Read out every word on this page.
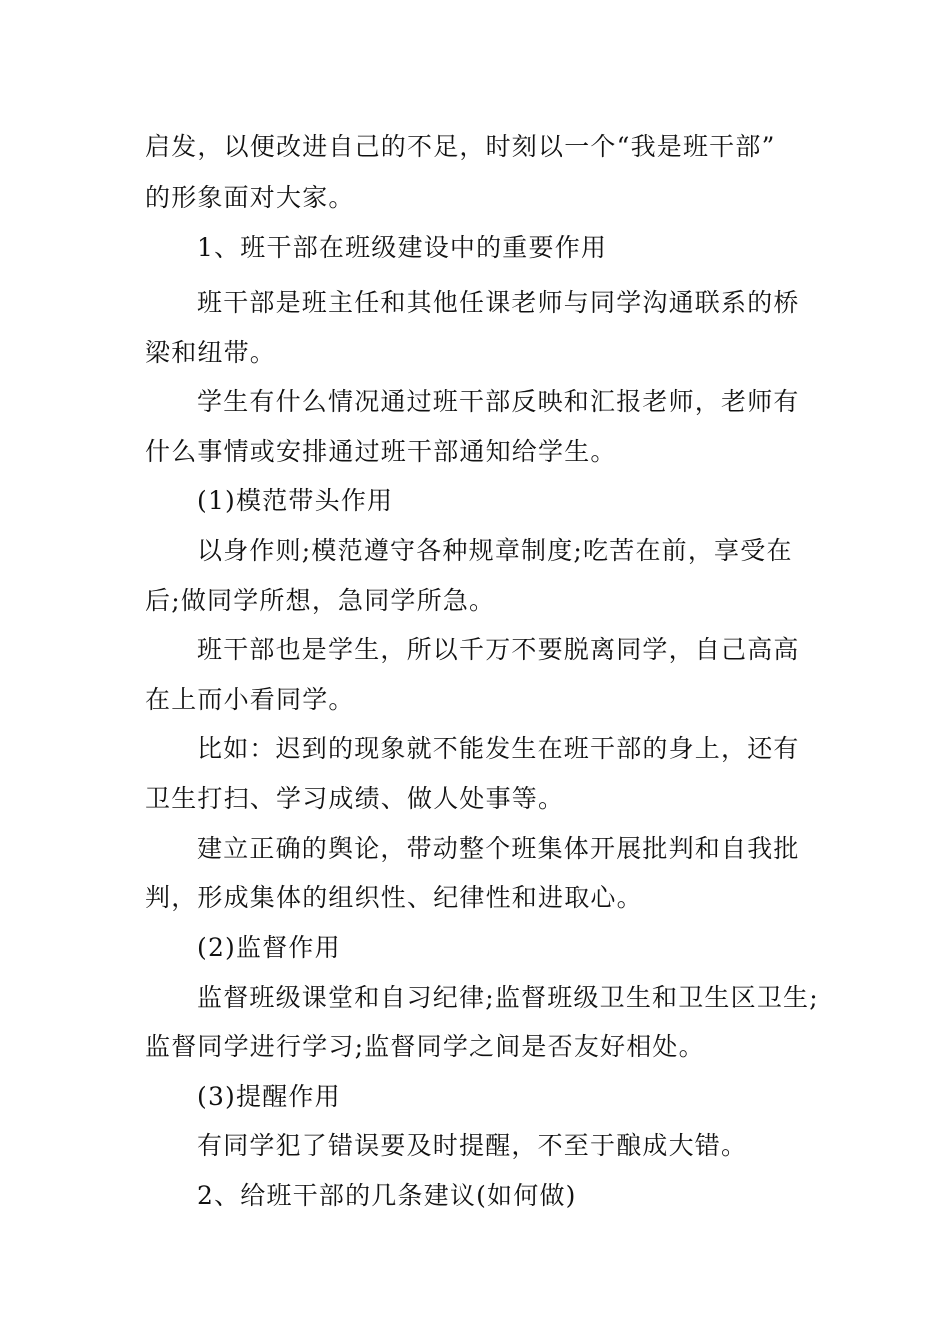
启发，以便改进自己的不足，时刻以一个“我是班干部”
的形象面对大家。
1、班干部在班级建设中的重要作用
班干部是班主任和其他任课老师与同学沟通联系的桥
梁和纽带。
学生有什么情况通过班干部反映和汇报老师，老师有
什么事情或安排通过班干部通知给学生。
(1)模范带头作用
以身作则;模范遵守各种规章制度;吃苦在前，享受在
后;做同学所想，急同学所急。
班干部也是学生，所以千万不要脱离同学，自己高高
在上而小看同学。
比如：迟到的现象就不能发生在班干部的身上，还有
卫生打扫、学习成绩、做人处事等。
建立正确的舆论，带动整个班集体开展批判和自我批
判，形成集体的组织性、纪律性和进取心。
(2)监督作用
监督班级课堂和自习纪律;监督班级卫生和卫生区卫生;
监督同学进行学习;监督同学之间是否友好相处。
(3)提醒作用
有同学犯了错误要及时提醒，不至于酿成大错。
2、给班干部的几条建议(如何做)
